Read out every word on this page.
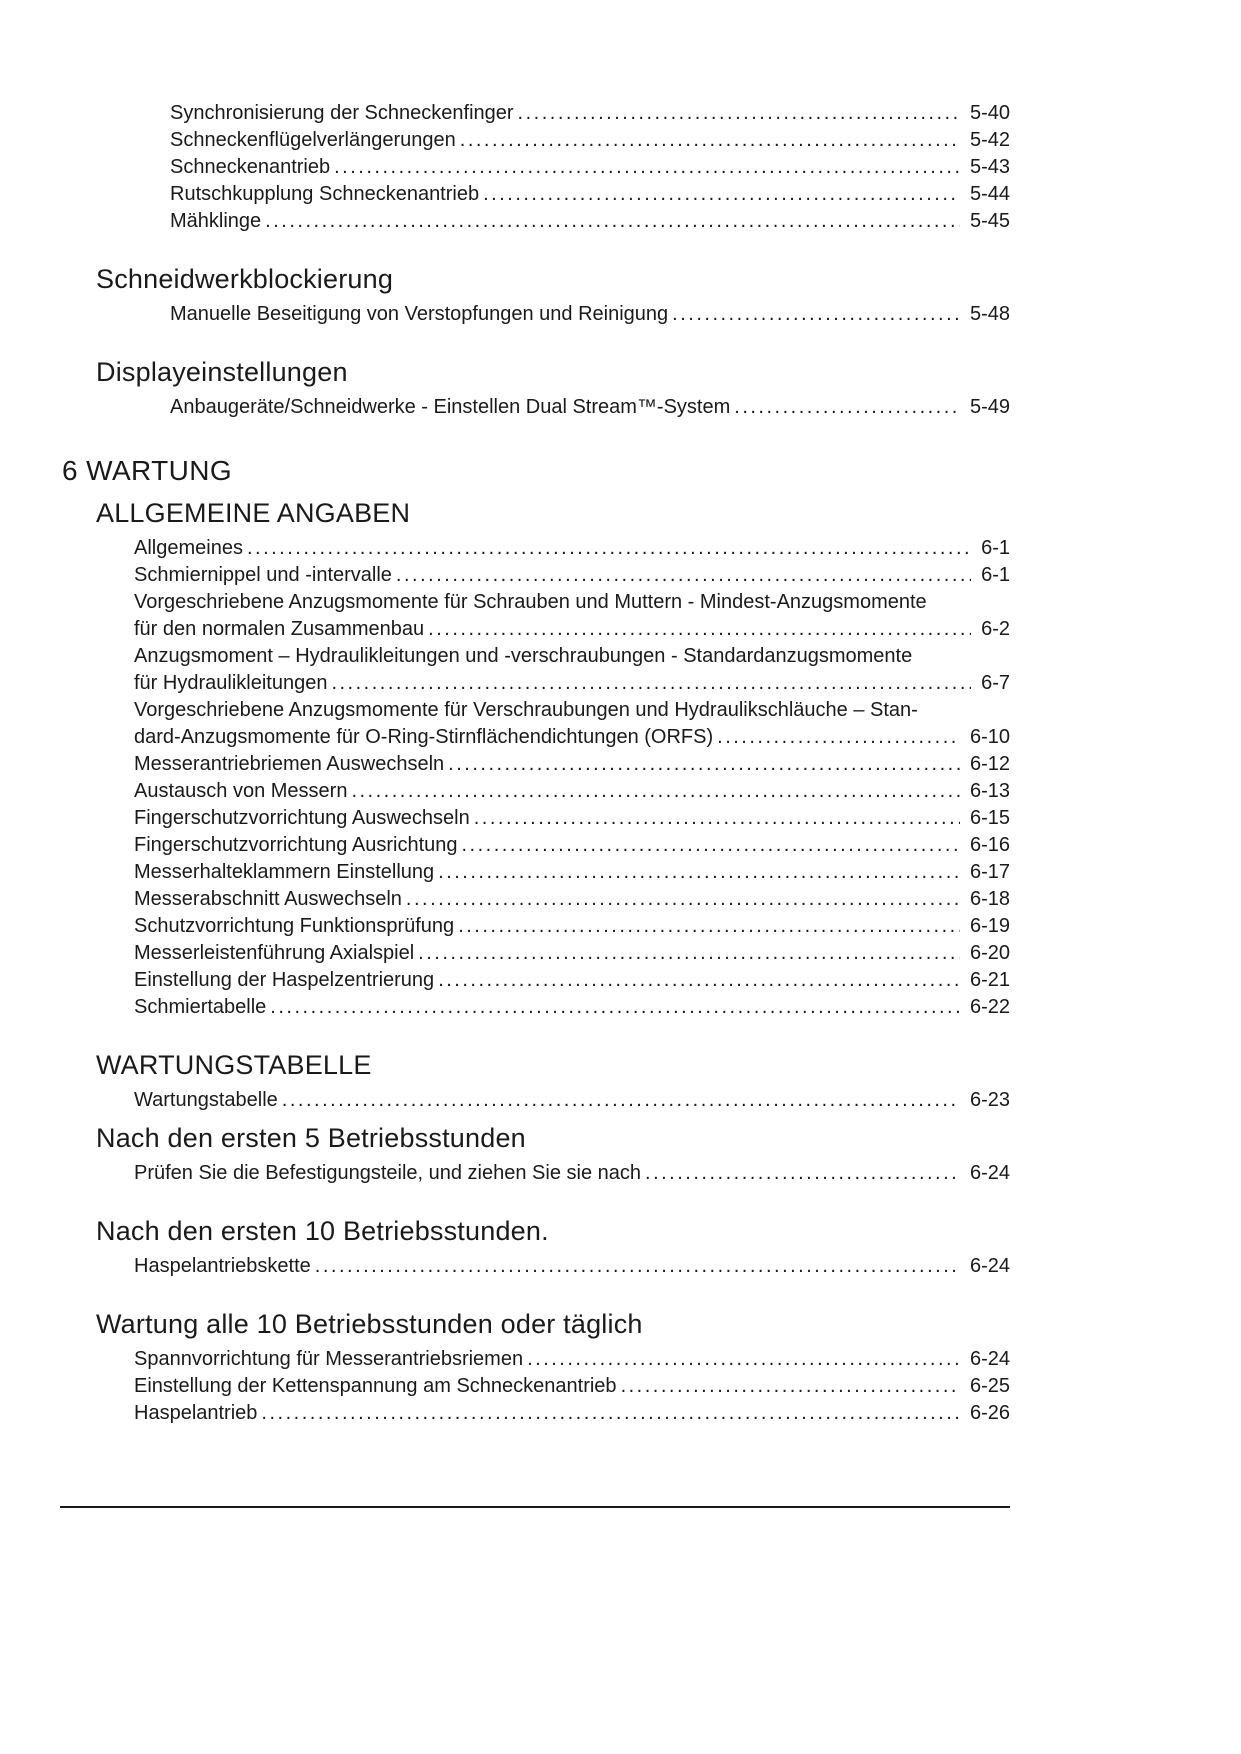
Synchronisierung der Schneckenfinger .....	5-40
Schneckenflügelverlängerungen .....	5-42
Schneckenantrieb .....	5-43
Rutschkupplung Schneckenantrieb .....	5-44
Mähklinge .....	5-45
Schneidwerkblockierung
Manuelle Beseitigung von Verstopfungen und Reinigung .....	5-48
Displayeinstellungen
Anbaugeräte/Schneidwerke - Einstellen Dual Stream™-System .....	5-49
6 WARTUNG
ALLGEMEINE ANGABEN
Allgemeines .....	6-1
Schmiernippel und -intervalle .....	6-1
Vorgeschriebene Anzugsmomente für Schrauben und Muttern - Mindest-Anzugsmomente
für den normalen Zusammenbau .....	6-2
Anzugsmoment – Hydraulikleitungen und -verschraubungen - Standardanzugsmomente
für Hydraulikleitungen .....	6-7
Vorgeschriebene Anzugsmomente für Verschraubungen und Hydraulikschläuche – Stan-
dard-Anzugsmomente für O-Ring-Stirnflächendichtungen (ORFS) .....	6-10
Messerantriebriemen Auswechseln .....	6-12
Austausch von Messern .....	6-13
Fingerschutzvorrichtung Auswechseln .....	6-15
Fingerschutzvorrichtung Ausrichtung .....	6-16
Messerhalteklammern Einstellung .....	6-17
Messerabschnitt Auswechseln .....	6-18
Schutzvorrichtung Funktionsprüfung .....	6-19
Messerleistenführung Axialspiel .....	6-20
Einstellung der Haspelzentrierung .....	6-21
Schmiertabelle .....	6-22
WARTUNGSTABELLE
Wartungstabelle .....	6-23
Nach den ersten 5 Betriebsstunden
Prüfen Sie die Befestigungsteile, und ziehen Sie sie nach .....	6-24
Nach den ersten 10 Betriebsstunden.
Haspelantriebskette .....	6-24
Wartung alle 10 Betriebsstunden oder täglich
Spannvorrichtung für Messerantriebsriemen .....	6-24
Einstellung der Kettenspannung am Schneckenantrieb .....	6-25
Haspelantrieb .....	6-26
